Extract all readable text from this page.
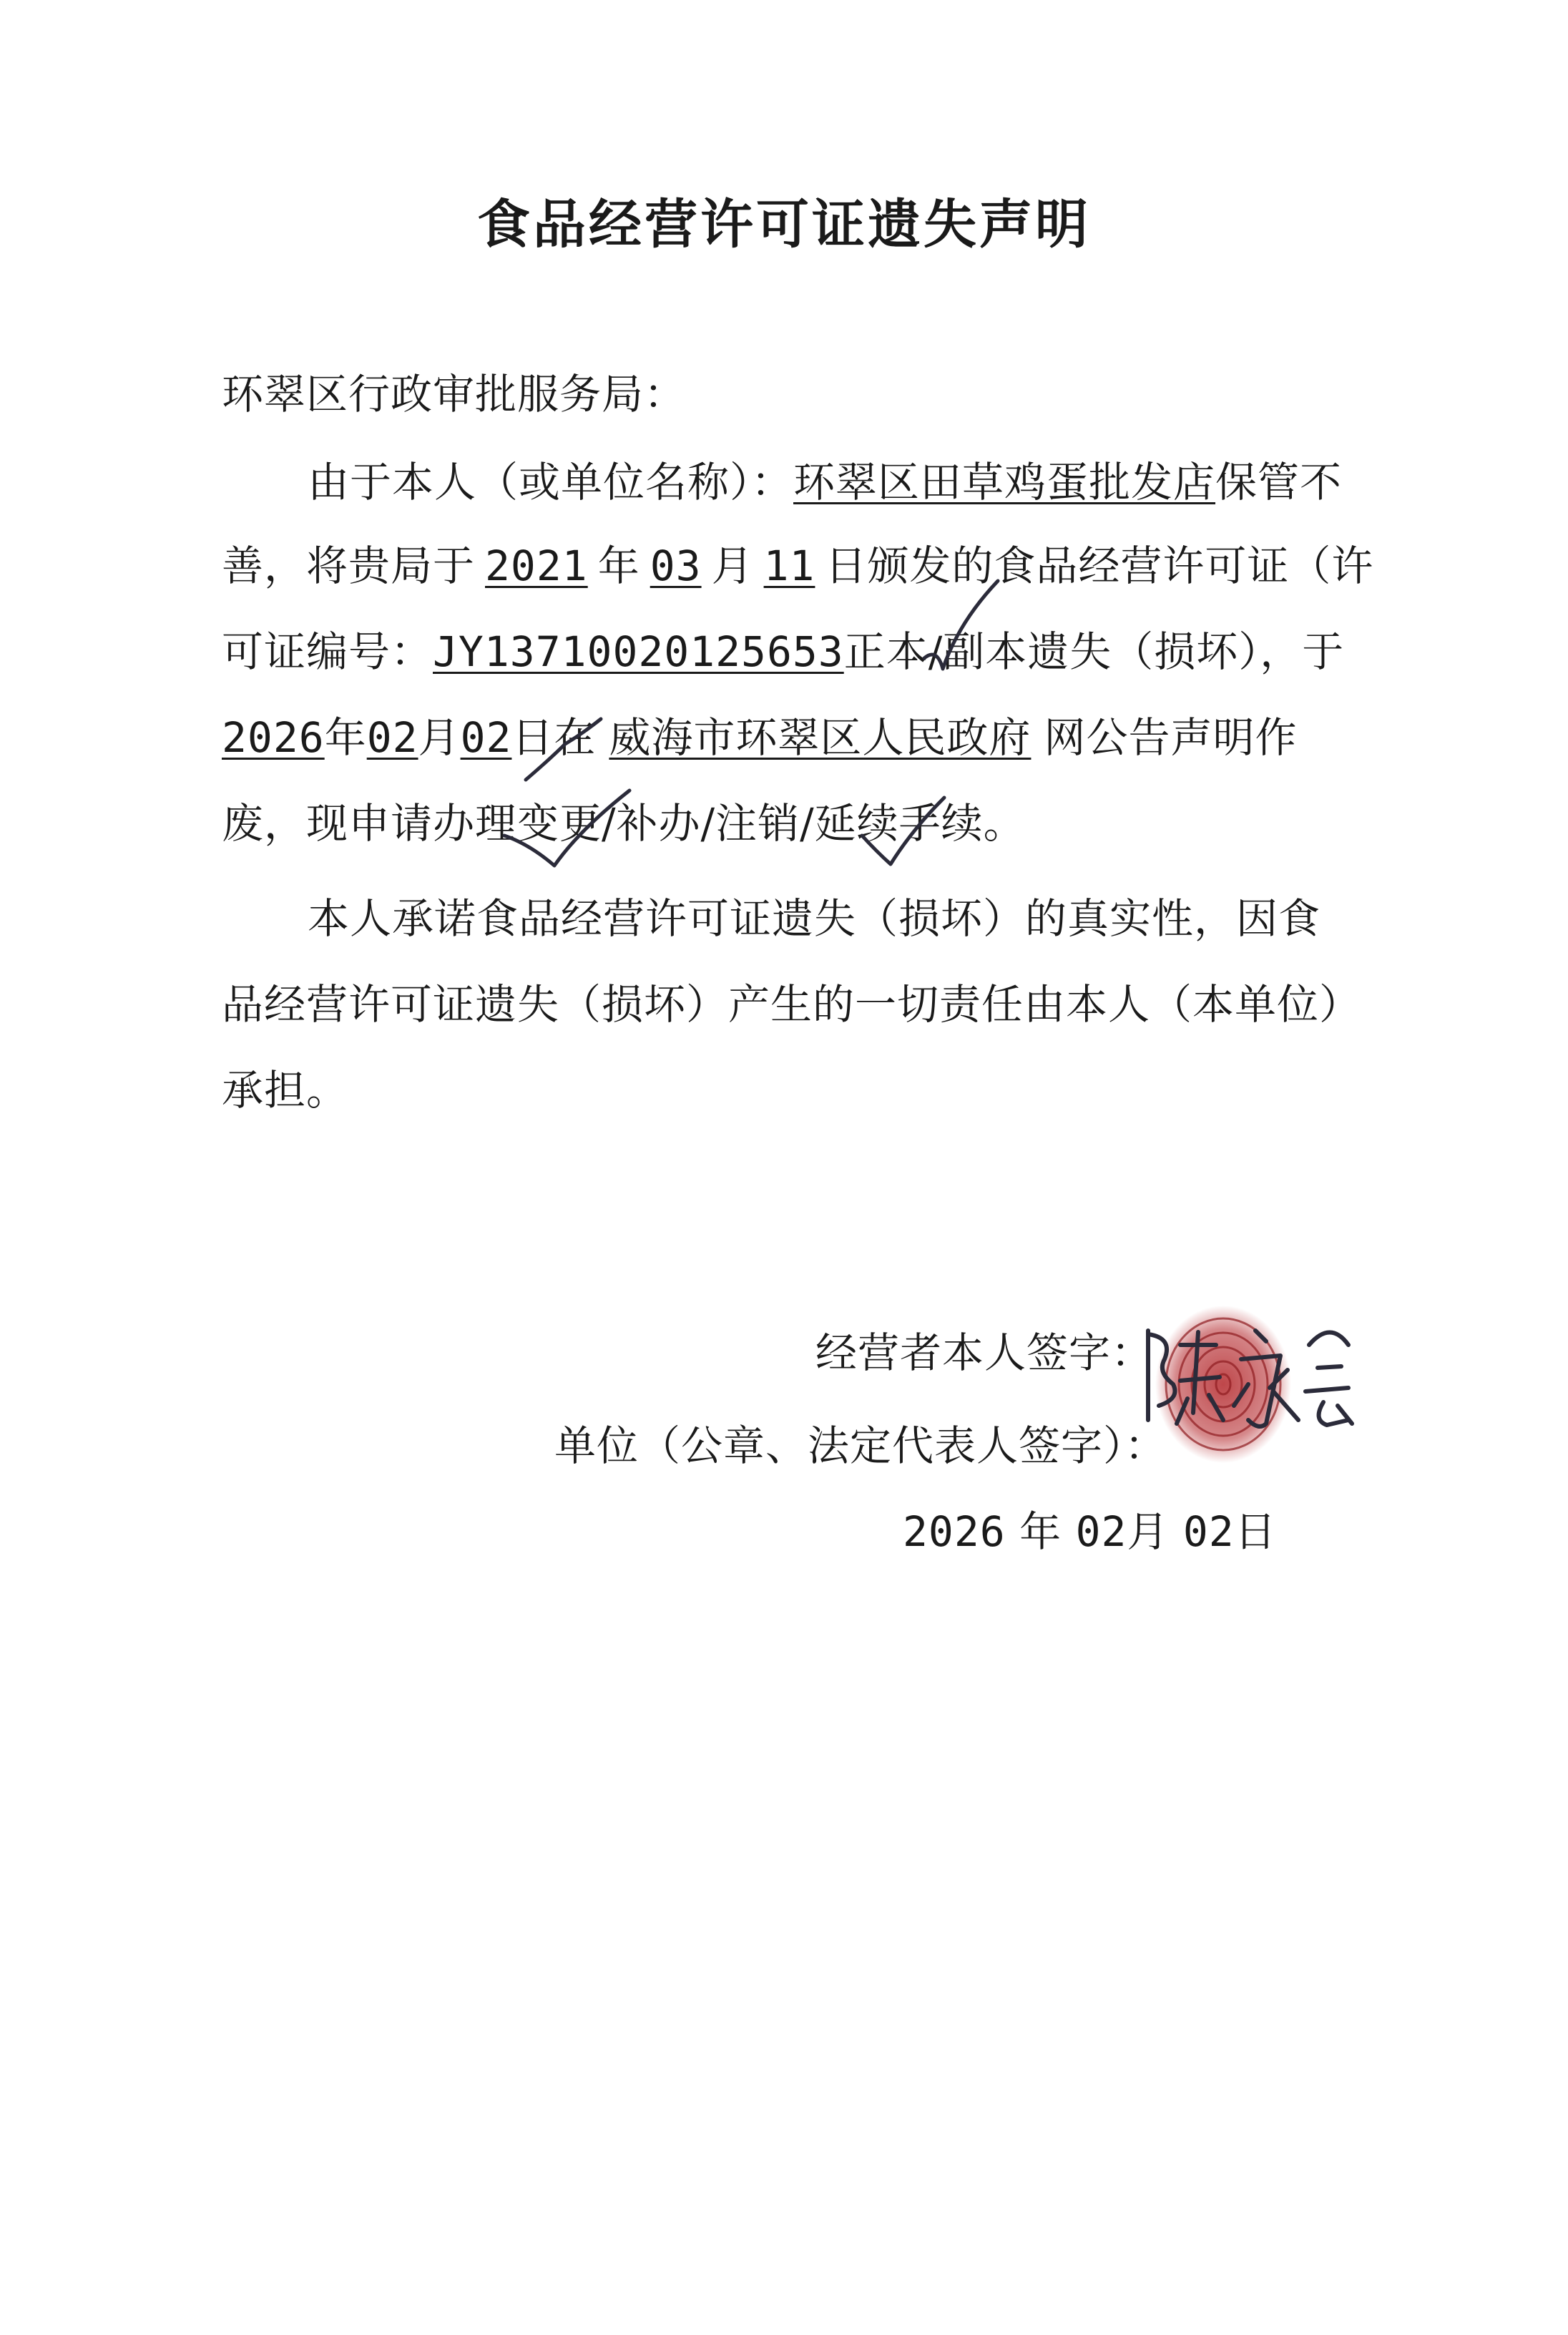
食品经营许可证遗失声明
环翠区行政审批服务局：
由于本人（或单位名称）：环翠区田草鸡蛋批发店保管不
善，将贵局于 2021 年 03 月 11 日颁发的食品经营许可证（许
可证编号：JY13710020125653正本/副本遗失（损坏），于
2026年02月02日在 威海市环翠区人民政府 网公告声明作
废，现申请办理变更/补办/注销/延续手续。
本人承诺食品经营许可证遗失（损坏）的真实性，因食
品经营许可证遗失（损坏）产生的一切责任由本人（本单位）
承担。
经营者本人签字：
单位（公章、法定代表人签字）：
2026 年 02月 02日
